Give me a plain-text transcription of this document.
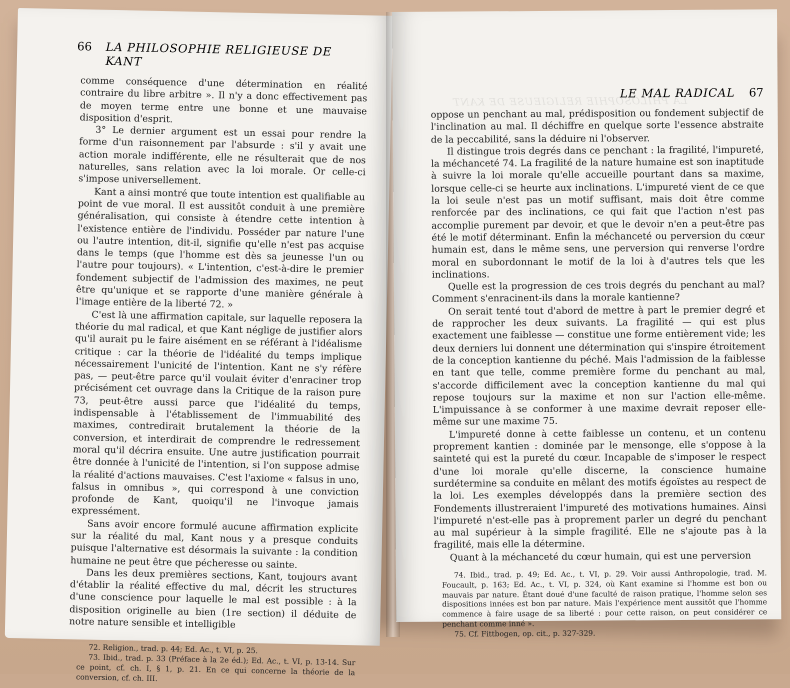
66 LA PHILOSOPHIE RELIGIEUSE DE KANT

comme conséquence d'une détermination en réalité contraire du libre arbitre ». Il n'y a donc effectivement pas de moyen terme entre une bonne et une mauvaise disposition d'esprit.

3° Le dernier argument est un essai pour rendre la forme d'un raisonnement par l'absurde : s'il y avait une action morale indifférente, elle ne résulterait que de nos naturelles, sans relation avec la loi morale. Or celle-ci s'impose universellement.

Kant a ainsi montré que toute intention est qualifiable au point de vue moral. Il est aussitôt conduit à une première généralisation, qui consiste à étendre cette intention à l'existence entière de l'individu. Posséder par nature l'une ou l'autre intention, dit-il, signifie qu'elle n'est pas acquise dans le temps (que l'homme est dès sa jeunesse l'un ou l'autre pour toujours). « L'intention, c'est-à-dire le premier fondement subjectif de l'admission des maximes, ne peut être qu'unique et se rapporte d'une manière générale à l'image entière de la liberté 72. »

C'est là une affirmation capitale, sur laquelle reposera la théorie du mal radical, et que Kant néglige de justifier alors qu'il aurait pu le faire aisément en se référant à l'idéalisme critique : car la théorie de l'idéalité du temps implique nécessairement l'unicité de l'intention. Kant ne s'y réfère pas, — peut-être parce qu'il voulait éviter d'enraciner trop précisément cet ouvrage dans la Critique de la raison pure 73, peut-être aussi parce que l'idéalité du temps, indispensable à l'établissement de l'immuabilité des maximes, contredirait brutalement la théorie de la conversion, et interdirait de comprendre le redressement moral qu'il décrira ensuite. Une autre justification pourrait être donnée à l'unicité de l'intention, si l'on suppose admise la réalité d'actions mauvaises. C'est l'axiome « falsus in uno, falsus in omnibus », qui correspond à une conviction profonde de Kant, quoiqu'il ne l'invoque jamais expressément.

Sans avoir encore formulé aucune affirmation explicite sur la réalité du mal, Kant nous y a presque conduits puisque l'alternative est désormais la suivante : la condition humaine ne peut être que pécheresse ou sainte.

Dans les deux premières sections, Kant, toujours avant d'établir la réalité effective du mal, décrit les structures d'une conscience pour laquelle le mal est possible : à la disposition originelle au bien (1re section) il déduite de notre nature sensible et intelligible

72. Religion., trad. p. 44; Ed. Ac., t. VI, p. 25.

73. Ibid., trad. p. 33 (Préface à la 2e éd.); Ed. Ac., t. VI, p. 13-14. Sur ce point, cf. ch. I, § 1, p. 21. En ce qui concerne la théorie de la conversion, cf. ch. III.

LA PHILOSOPHIE RELIGIEUSE DE KANT
LE MAL RADICAL 67

oppose un penchant au mal, prédisposition ou fondement subjectif de l'inclination au mal. Il déchiffre en quelque sorte l'essence abstraite de la peccabilité, sans la déduire ni l'observer.

Il distingue trois degrés dans ce penchant : la fragilité, l'impureté, la méchanceté 74. La fragilité de la nature humaine est son inaptitude à suivre la loi morale qu'elle accueille pourtant dans sa maxime, lorsque celle-ci se heurte aux inclinations. L'impureté vient de ce que la loi seule n'est pas un motif suffisant, mais doit être comme renforcée par des inclinations, ce qui fait que l'action n'est pas accomplie purement par devoir, et que le devoir n'en a peut-être pas été le motif déterminant. Enfin la méchanceté ou perversion du cœur humain est, dans le même sens, une perversion qui renverse l'ordre moral en subordonnant le motif de la loi à d'autres tels que les inclinations.

Quelle est la progression de ces trois degrés du penchant au mal? Comment s'enracinent-ils dans la morale kantienne?

On serait tenté tout d'abord de mettre à part le premier degré et de rapprocher les deux suivants. La fragilité — qui est plus exactement une faiblesse — constitue une forme entièrement vide; les deux derniers lui donnent une détermination qui s'inspire étroitement de la conception kantienne du péché. Mais l'admission de la faiblesse en tant que telle, comme première forme du penchant au mal, s'accorde difficilement avec la conception kantienne du mal qui repose toujours sur la maxime et non sur l'action elle-même. L'impuissance à se conformer à une maxime devrait reposer elle-même sur une maxime 75.

L'impureté donne à cette faiblesse un contenu, et un contenu proprement kantien : dominée par le mensonge, elle s'oppose à la sainteté qui est la pureté du cœur. Incapable de s'imposer le respect d'une loi morale qu'elle discerne, la conscience humaine surdétermine sa conduite en mêlant des motifs égoïstes au respect de la loi. Les exemples développés dans la première section des Fondements illustreraient l'impureté des motivations humaines. Ainsi l'impureté n'est-elle pas à proprement parler un degré du penchant au mal supérieur à la simple fragilité. Elle ne s'ajoute pas à la fragilité, mais elle la détermine.

Quant à la méchanceté du cœur humain, qui est une perversion

74. Ibid., trad. p. 49; Ed. Ac., t. VI, p. 29. Voir aussi Anthropologie, trad. M. Foucault, p. 163; Ed. Ac., t. VI, p. 324, où Kant examine si l'homme est bon ou mauvais par nature. Étant doué d'une faculté de raison pratique, l'homme selon ses dispositions innées est bon par nature. Mais l'expérience ment aussitôt que l'homme commence à faire usage de sa liberté : pour cette raison, on peut considérer ce penchant comme inné ».

75. Cf. Fittbogen, op. cit., p. 327-329.
